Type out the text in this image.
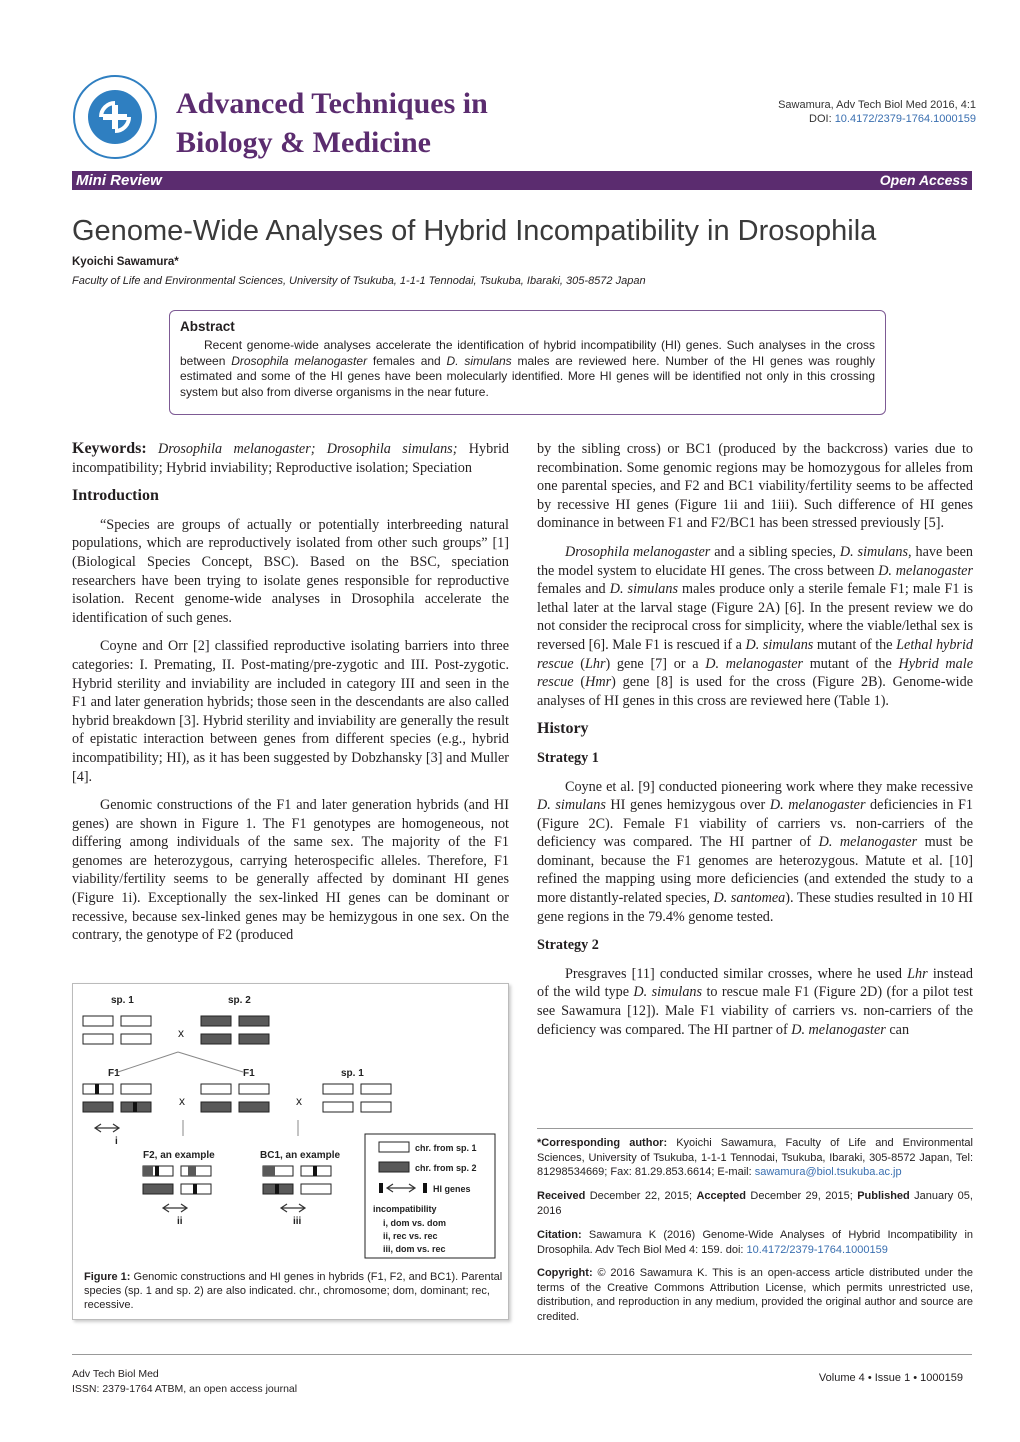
Advanced Techniques in
Biology & Medicine
Sawamura, Adv Tech Biol Med 2016, 4:1
DOI: 10.4172/2379-1764.1000159
Mini Review	Open Access
Genome-Wide Analyses of Hybrid Incompatibility in Drosophila
Kyoichi Sawamura*
Faculty of Life and Environmental Sciences, University of Tsukuba, 1-1-1 Tennodai, Tsukuba, Ibaraki, 305-8572 Japan
Abstract

Recent genome-wide analyses accelerate the identification of hybrid incompatibility (HI) genes. Such analyses in the cross between Drosophila melanogaster females and D. simulans males are reviewed here. Number of the HI genes was roughly estimated and some of the HI genes have been molecularly identified. More HI genes will be identified not only in this crossing system but also from diverse organisms in the near future.

Keywords: Drosophila melanogaster; Drosophila simulans; Hybrid incompatibility; Hybrid inviability; Reproductive isolation; Speciation

Introduction

“Species are groups of actually or potentially interbreeding natural populations, which are reproductively isolated from other such groups” [1] (Biological Species Concept, BSC). Based on the BSC, speciation researchers have been trying to isolate genes responsible for reproductive isolation. Recent genome-wide analyses in Drosophila accelerate the identification of such genes.

Coyne and Orr [2] classified reproductive isolating barriers into three categories: I. Premating, II. Post-mating/pre-zygotic and III. Post-zygotic. Hybrid sterility and inviability are included in category III and seen in the F1 and later generation hybrids; those seen in the descendants are also called hybrid breakdown [3]. Hybrid sterility and inviability are generally the result of epistatic interaction between genes from different species (e.g., hybrid incompatibility; HI), as it has been suggested by Dobzhansky [3] and Muller [4].

Genomic constructions of the F1 and later generation hybrids (and HI genes) are shown in Figure 1. The F1 genotypes are homogeneous, not differing among individuals of the same sex. The majority of the F1 genomes are heterozygous, carrying heterospecific alleles. Therefore, F1 viability/fertility seems to be generally affected by dominant HI genes (Figure 1i). Exceptionally the sex-linked HI genes can be dominant or recessive, because sex-linked genes may be hemizygous in one sex. On the contrary, the genotype of F2 (produced

sp. 1	sp. 2
sp. 1
F1	F1
F2, an example	BC1, an example
x
x	x
i
ii	iii
chr. from sp. 1
chr. from sp. 2
HI genes
incompatibility
i, dom vs. dom
ii, rec vs. rec
iii, dom vs. rec
Figure 1: Genomic constructions and HI genes in hybrids (F1, F2, and BC1). Parental species (sp. 1 and sp. 2) are also indicated. chr., chromosome; dom, dominant; rec, recessive.

by the sibling cross) or BC1 (produced by the backcross) varies due to recombination. Some genomic regions may be homozygous for alleles from one parental species, and F2 and BC1 viability/fertility seems to be affected by recessive HI genes (Figure 1ii and 1iii). Such difference of HI genes dominance in between F1 and F2/BC1 has been stressed previously [5].

Drosophila melanogaster and a sibling species, D. simulans, have been the model system to elucidate HI genes. The cross between D. melanogaster females and D. simulans males produce only a sterile female F1; male F1 is lethal later at the larval stage (Figure 2A) [6]. In the present review we do not consider the reciprocal cross for simplicity, where the viable/lethal sex is reversed [6]. Male F1 is rescued if a D. simulans mutant of the Lethal hybrid rescue (Lhr) gene [7] or a D. melanogaster mutant of the Hybrid male rescue (Hmr) gene [8] is used for the cross (Figure 2B). Genome-wide analyses of HI genes in this cross are reviewed here (Table 1).

History
Strategy 1

Coyne et al. [9] conducted pioneering work where they make recessive D. simulans HI genes hemizygous over D. melanogaster deficiencies in F1 (Figure 2C). Female F1 viability of carriers vs. non-carriers of the deficiency was compared. The HI partner of D. melanogaster must be dominant, because the F1 genomes are heterozygous. Matute et al. [10] refined the mapping using more deficiencies (and extended the study to a more distantly-related species, D. santomea). These studies resulted in 10 HI gene regions in the 79.4% genome tested.

Strategy 2

Presgraves [11] conducted similar crosses, where he used Lhr instead of the wild type D. simulans to rescue male F1 (Figure 2D) (for a pilot test see Sawamura [12]). Male F1 viability of carriers vs. non-carriers of the deficiency was compared. The HI partner of D. melanogaster can

*Corresponding author: Kyoichi Sawamura, Faculty of Life and Environmental Sciences, University of Tsukuba, 1-1-1 Tennodai, Tsukuba, Ibaraki, 305-8572 Japan, Tel: 81298534669; Fax: 81.29.853.6614; E-mail: sawamura@biol.tsukuba.ac.jp
Received December 22, 2015; Accepted December 29, 2015; Published January 05, 2016
Citation: Sawamura K (2016) Genome-Wide Analyses of Hybrid Incompatibility in Drosophila. Adv Tech Biol Med 4: 159. doi: 10.4172/2379-1764.1000159
Copyright: © 2016 Sawamura K. This is an open-access article distributed under the terms of the Creative Commons Attribution License, which permits unrestricted use, distribution, and reproduction in any medium, provided the original author and source are credited.
Adv Tech Biol Med
ISSN: 2379-1764 ATBM, an open access journal
Volume 4 • Issue 1 • 1000159
